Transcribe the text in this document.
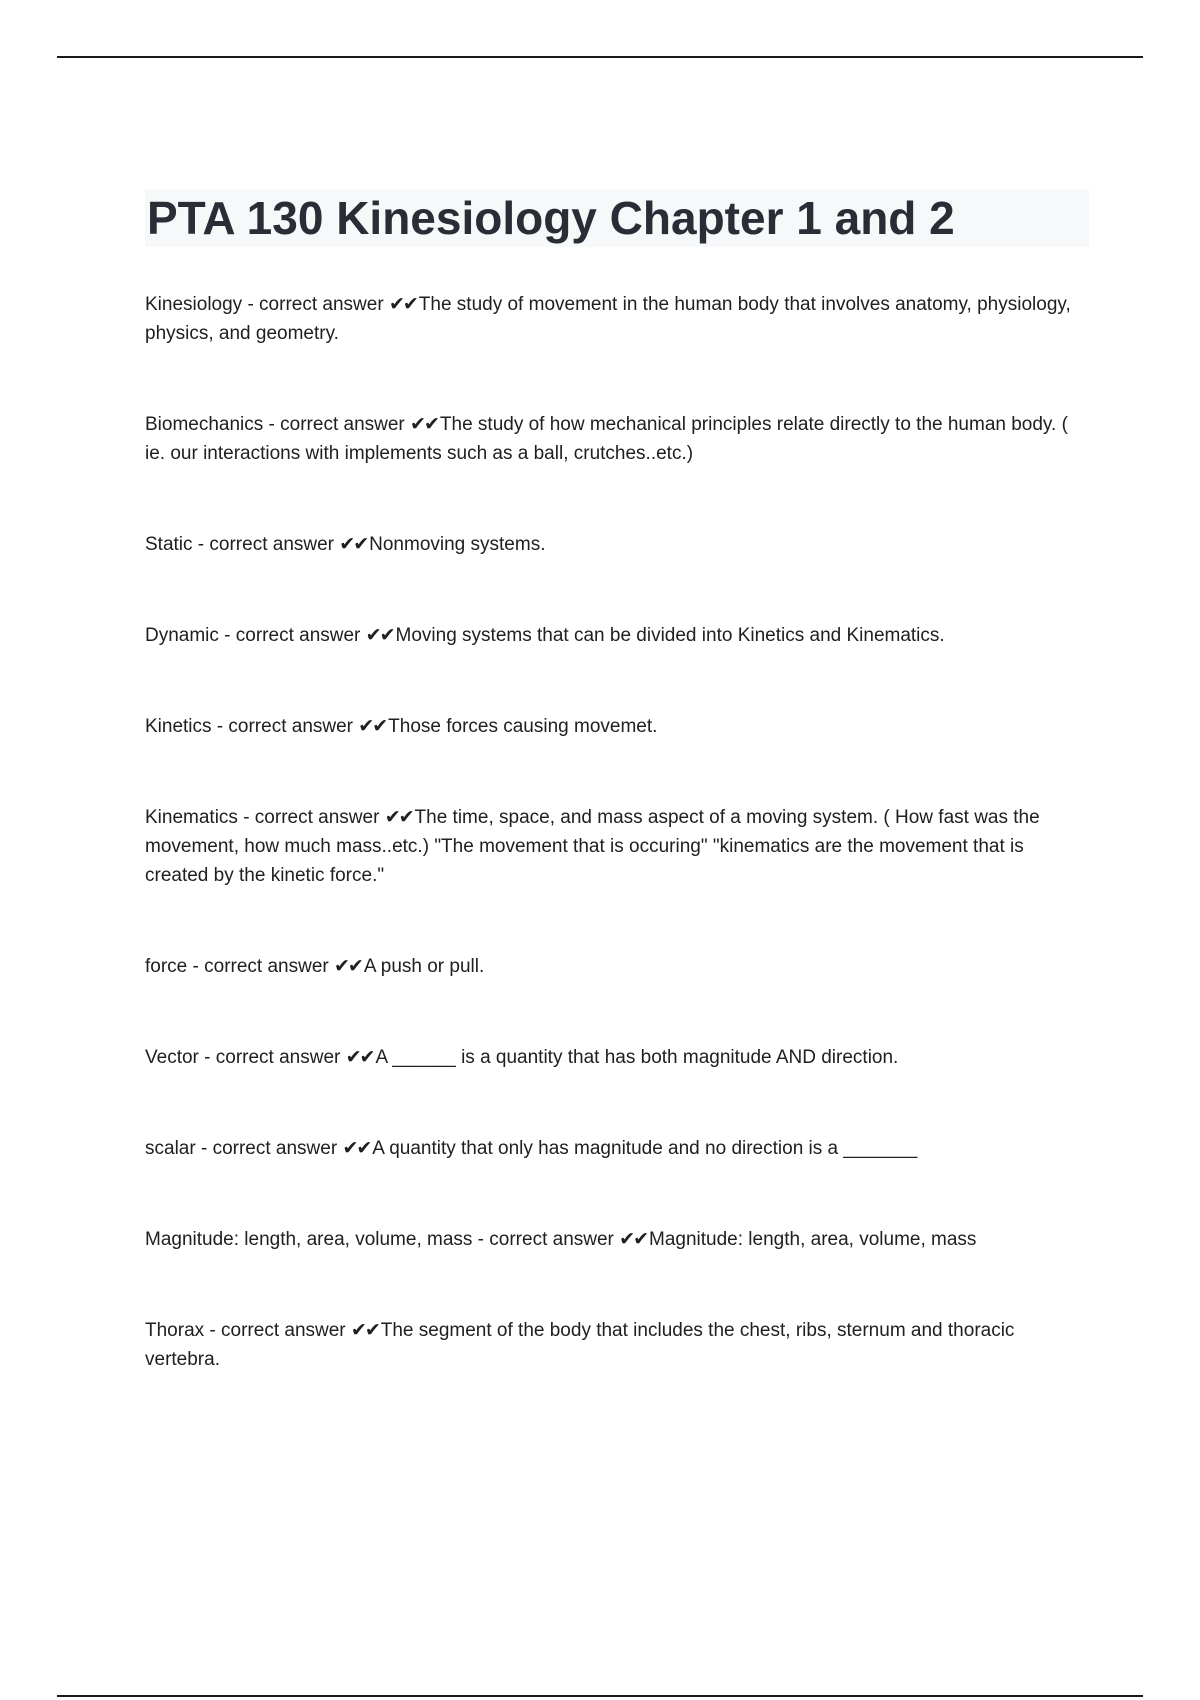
PTA 130 Kinesiology Chapter 1 and 2

Kinesiology - correct answer ✔✔ The study of movement in the human body that involves anatomy, physiology, physics, and geometry.

Biomechanics - correct answer ✔✔ The study of how mechanical principles relate directly to the human body. ( ie. our interactions with implements such as a ball, crutches..etc.)

Static - correct answer ✔✔ Nonmoving systems.

Dynamic - correct answer ✔✔ Moving systems that can be divided into Kinetics and Kinematics.

Kinetics - correct answer ✔✔ Those forces causing movemet.

Kinematics - correct answer ✔✔ The time, space, and mass aspect of a moving system. ( How fast was the movement, how much mass..etc.) "The movement that is occuring" "kinematics are the movement that is created by the kinetic force."

force - correct answer ✔✔ A push or pull.

Vector - correct answer ✔✔ A ______ is a quantity that has both magnitude AND direction.

scalar - correct answer ✔✔ A quantity that only has magnitude and no direction is a _______

Magnitude: length, area, volume, mass - correct answer ✔✔ Magnitude: length, area, volume, mass

Thorax - correct answer ✔✔ The segment of the body that includes the chest, ribs, sternum and thoracic vertebra.
